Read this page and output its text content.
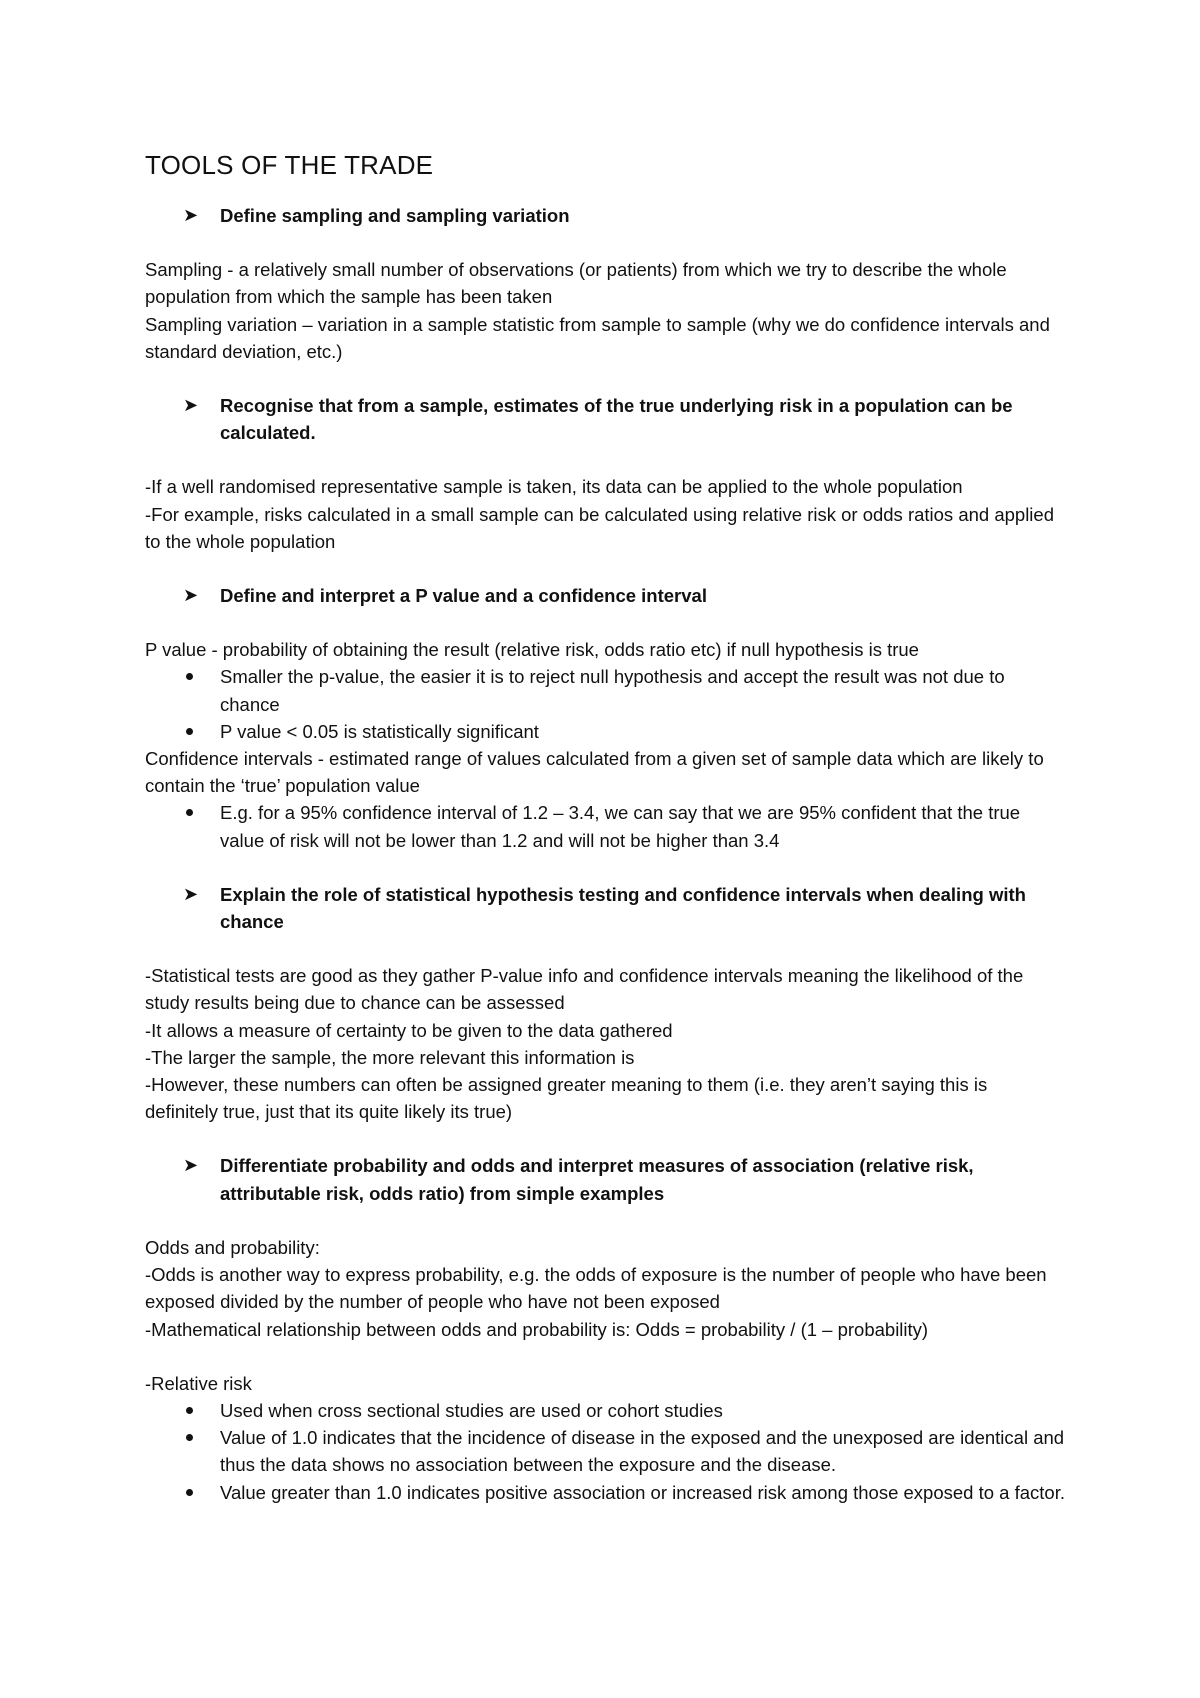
TOOLS OF THE TRADE
➤ Define sampling and sampling variation

Sampling - a relatively small number of observations (or patients) from which we try to describe the whole population from which the sample has been taken

Sampling variation – variation in a sample statistic from sample to sample (why we do confidence intervals and standard deviation, etc.)

➤ Recognise that from a sample, estimates of the true underlying risk in a population can be calculated.

-If a well randomised representative sample is taken, its data can be applied to the whole population

-For example, risks calculated in a small sample can be calculated using relative risk or odds ratios and applied to the whole population

➤ Define and interpret a P value and a confidence interval

P value - probability of obtaining the result (relative risk, odds ratio etc) if null hypothesis is true

Smaller the p-value, the easier it is to reject null hypothesis and accept the result was not due to chance
P value < 0.05 is statistically significant

Confidence intervals - estimated range of values calculated from a given set of sample data which are likely to contain the ‘true’ population value

E.g. for a 95% confidence interval of 1.2 – 3.4, we can say that we are 95% confident that the true value of risk will not be lower than 1.2 and will not be higher than 3.4
➤ Explain the role of statistical hypothesis testing and confidence intervals when dealing with chance

-Statistical tests are good as they gather P-value info and confidence intervals meaning the likelihood of the study results being due to chance can be assessed

-It allows a measure of certainty to be given to the data gathered

-The larger the sample, the more relevant this information is

-However, these numbers can often be assigned greater meaning to them (i.e. they aren’t saying this is definitely true, just that its quite likely its true)

➤ Differentiate probability and odds and interpret measures of association (relative risk, attributable risk, odds ratio) from simple examples

Odds and probability:

-Odds is another way to express probability, e.g. the odds of exposure is the number of people who have been exposed divided by the number of people who have not been exposed

-Mathematical relationship between odds and probability is: Odds = probability / (1 – probability)

-Relative risk

Used when cross sectional studies are used or cohort studies
Value of 1.0 indicates that the incidence of disease in the exposed and the unexposed are identical and thus the data shows no association between the exposure and the disease.
Value greater than 1.0 indicates positive association or increased risk among those exposed to a factor.
